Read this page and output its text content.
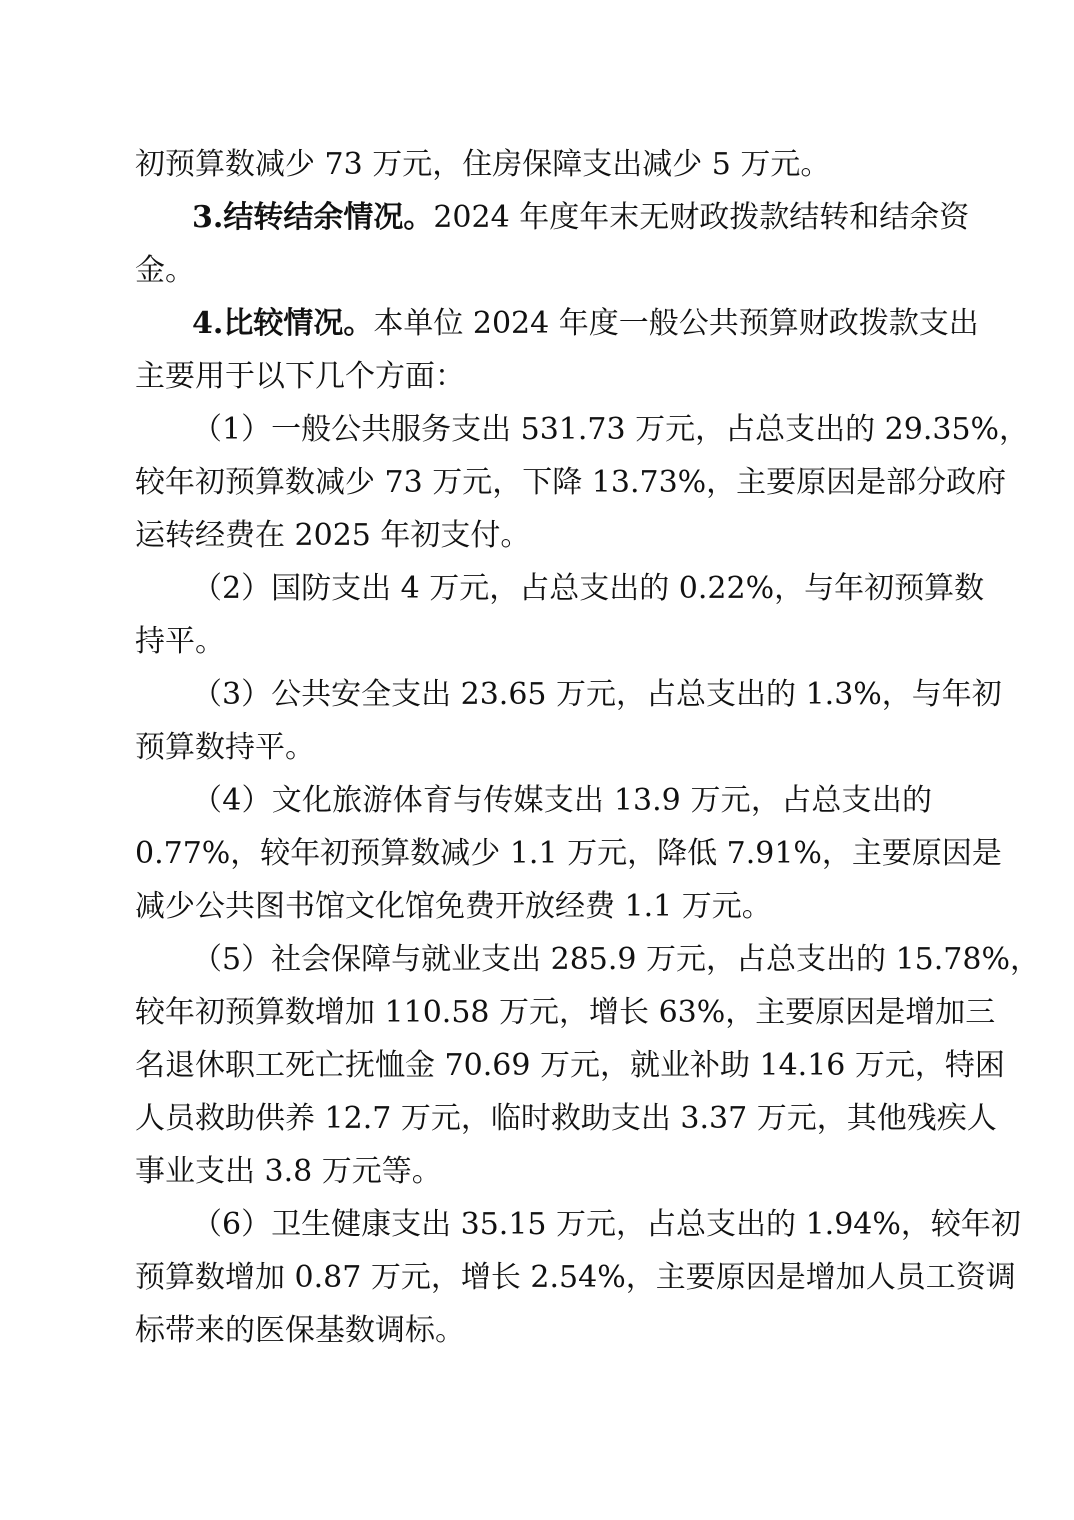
初预算数减少 73 万元，住房保障支出减少 5 万元。
3.结转结余情况。2024 年度年末无财政拨款结转和结余资
金。
4.比较情况。本单位 2024 年度一般公共预算财政拨款支出
主要用于以下几个方面：
（1）一般公共服务支出 531.73 万元，占总支出的 29.35%，
较年初预算数减少 73 万元，下降 13.73%，主要原因是部分政府
运转经费在 2025 年初支付。
（2）国防支出 4 万元，占总支出的 0.22%，与年初预算数
持平。
（3）公共安全支出 23.65 万元，占总支出的 1.3%，与年初
预算数持平。
（4）文化旅游体育与传媒支出 13.9 万元，占总支出的
0.77%，较年初预算数减少 1.1 万元，降低 7.91%，主要原因是
减少公共图书馆文化馆免费开放经费 1.1 万元。
（5）社会保障与就业支出 285.9 万元，占总支出的 15.78%，
较年初预算数增加 110.58 万元，增长 63%，主要原因是增加三
名退休职工死亡抚恤金 70.69 万元，就业补助 14.16 万元，特困
人员救助供养 12.7 万元，临时救助支出 3.37 万元，其他残疾人
事业支出 3.8 万元等。
（6）卫生健康支出 35.15 万元，占总支出的 1.94%，较年初
预算数增加 0.87 万元，增长 2.54%，主要原因是增加人员工资调
标带来的医保基数调标。
